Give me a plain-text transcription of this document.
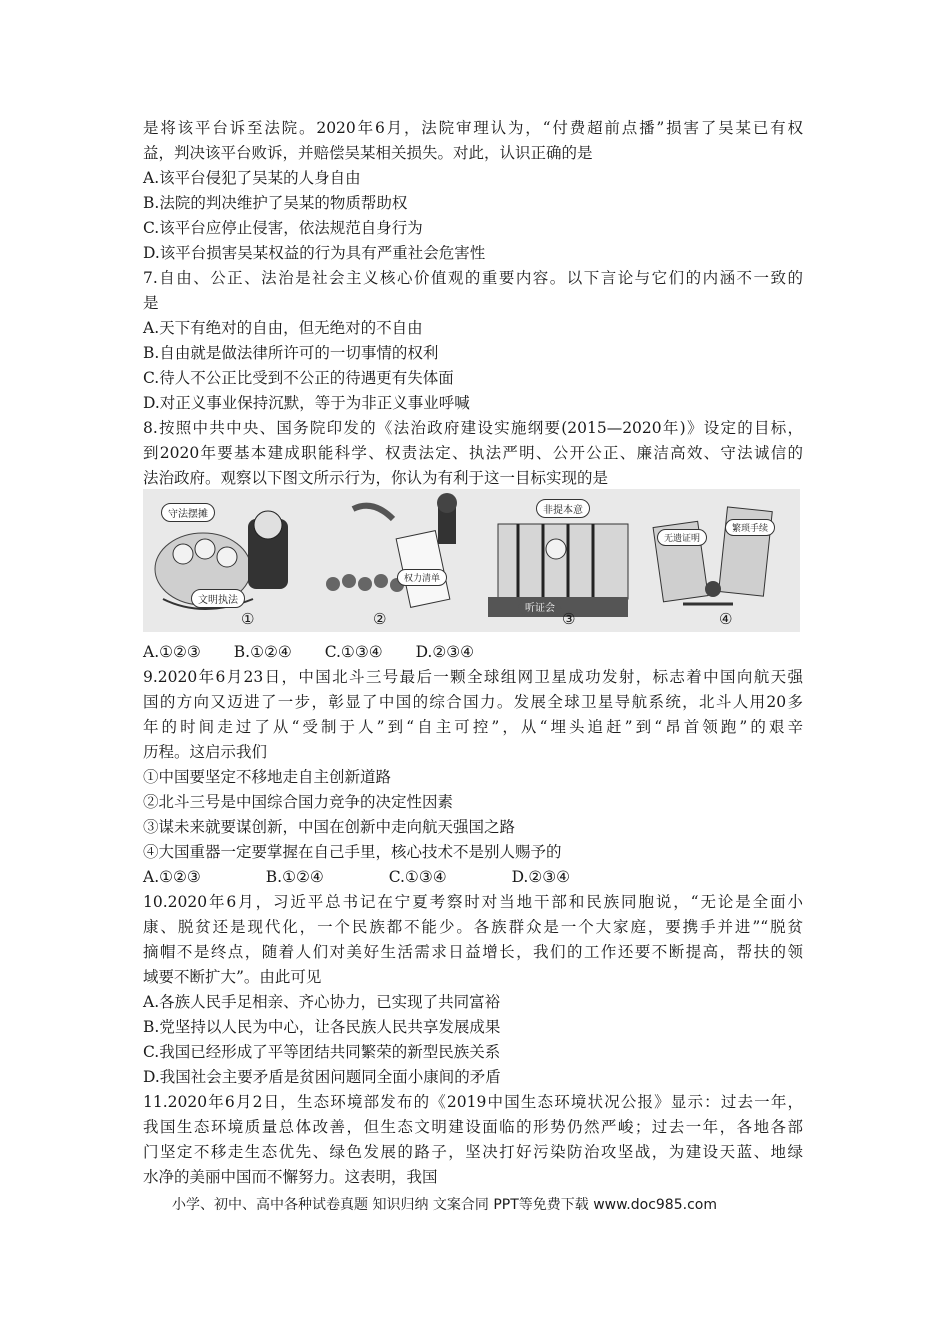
是将该平台诉至法院。2020年6月，法院审理认为，“付费超前点播”损害了吴某已有权
益，判决该平台败诉，并赔偿吴某相关损失。对此，认识正确的是
A.该平台侵犯了吴某的人身自由
B.法院的判决维护了吴某的物质帮助权
C.该平台应停止侵害，依法规范自身行为
D.该平台损害吴某权益的行为具有严重社会危害性
7.自由、公正、法治是社会主义核心价值观的重要内容。以下言论与它们的内涵不一致的
是
A.天下有绝对的自由，但无绝对的不自由
B.自由就是做法律所许可的一切事情的权利
C.待人不公正比受到不公正的待遇更有失体面
D.对正义事业保持沉默，等于为非正义事业呼喊
8.按照中共中央、国务院印发的《法治政府建设实施纲要(2015—2020年)》设定的目标，
到2020年要基本建成职能科学、权责法定、执法严明、公开公正、廉洁高效、守法诚信的
法治政府。观察以下图文所示行为，你认为有利于这一目标实现的是
守法摆摊
文明执法
①
权力清单
②
非提本意
听证会
③
无遗证明
繁琐手续
④
A.①②③ B.①②④ C.①③④ D.②③④
9.2020年6月23日，中国北斗三号最后一颗全球组网卫星成功发射，标志着中国向航天强
国的方向又迈进了一步，彰显了中国的综合国力。发展全球卫星导航系统，北斗人用20多
年的时间走过了从“受制于人”到“自主可控”，从“埋头追赶”到“昂首领跑”的艰辛
历程。这启示我们
①中国要坚定不移地走自主创新道路
②北斗三号是中国综合国力竞争的决定性因素
③谋未来就要谋创新，中国在创新中走向航天强国之路
④大国重器一定要掌握在自己手里，核心技术不是别人赐予的
A.①②③	B.①②④	C.①③④	D.②③④
10.2020年6月，习近平总书记在宁夏考察时对当地干部和民族同胞说，“无论是全面小
康、脱贫还是现代化，一个民族都不能少。各族群众是一个大家庭，要携手并进”“脱贫
摘帽不是终点，随着人们对美好生活需求日益增长，我们的工作还要不断提高，帮扶的领
域要不断扩大”。由此可见
A.各族人民手足相亲、齐心协力，已实现了共同富裕
B.党坚持以人民为中心，让各民族人民共享发展成果
C.我国已经形成了平等团结共同繁荣的新型民族关系
D.我国社会主要矛盾是贫困问题同全面小康间的矛盾
11.2020年6月2日，生态环境部发布的《2019中国生态环境状况公报》显示：过去一年，
我国生态环境质量总体改善，但生态文明建设面临的形势仍然严峻；过去一年，各地各部
门坚定不移走生态优先、绿色发展的路子，坚决打好污染防治攻坚战，为建设天蓝、地绿
水净的美丽中国而不懈努力。这表明，我国
小学、初中、高中各种试卷真题 知识归纳 文案合同 PPT等免费下载 www.doc985.com
